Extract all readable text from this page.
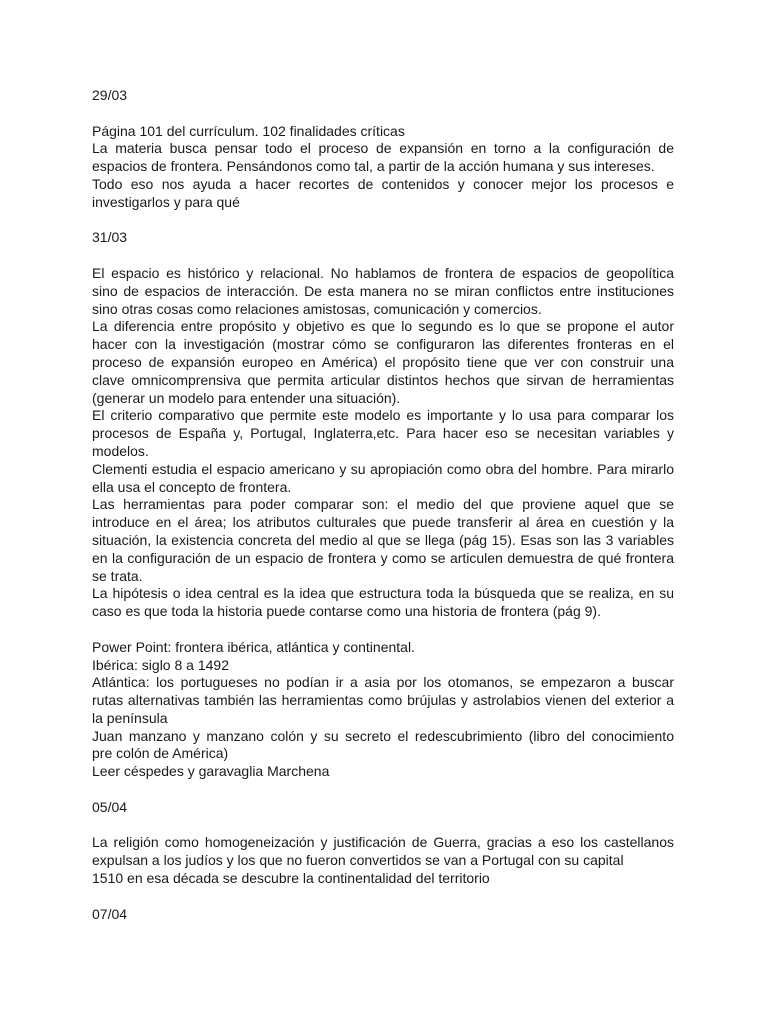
29/03
Página 101 del currículum. 102 finalidades críticas
La materia busca pensar todo el proceso de expansión en torno a la configuración de
espacios de frontera. Pensándonos como tal, a partir de la acción humana y sus intereses.
Todo eso nos ayuda a hacer recortes de contenidos y conocer mejor los procesos e
investigarlos y para qué
31/03
El espacio es histórico y relacional. No hablamos de frontera de espacios de geopolítica
sino de espacios de interacción. De esta manera no se miran conflictos entre instituciones
sino otras cosas como relaciones amistosas, comunicación y comercios.
La diferencia entre propósito y objetivo es que lo segundo es lo que se propone el autor
hacer con la investigación (mostrar cómo se configuraron las diferentes fronteras en el
proceso de expansión europeo en América) el propósito tiene que ver con construir una
clave omnicomprensiva que permita articular distintos hechos que sirvan de herramientas
(generar un modelo para entender una situación).
El criterio comparativo que permite este modelo es importante y lo usa para comparar los
procesos de España y, Portugal, Inglaterra,etc. Para hacer eso se necesitan variables y
modelos.
Clementi estudia el espacio americano y su apropiación como obra del hombre. Para mirarlo
ella usa el concepto de frontera.
Las herramientas para poder comparar son: el medio del que proviene aquel que se
introduce en el área; los atributos culturales que puede transferir al área en cuestión y la
situación, la existencia concreta del medio al que se llega (pág 15). Esas son las 3 variables
en la configuración de un espacio de frontera y como se articulen demuestra de qué frontera
se trata.
La hipótesis o idea central es la idea que estructura toda la búsqueda que se realiza, en su
caso es que toda la historia puede contarse como una historia de frontera (pág 9).
Power Point: frontera ibérica, atlántica y continental.
Ibérica: siglo 8 a 1492
Atlántica: los portugueses no podían ir a asia por los otomanos, se empezaron a buscar
rutas alternativas también las herramientas como brújulas y astrolabios vienen del exterior a
la península
Juan manzano y manzano colón y su secreto el redescubrimiento (libro del conocimiento
pre colón de América)
Leer céspedes y garavaglia Marchena
05/04
La religión como homogeneización y justificación de Guerra, gracias a eso los castellanos
expulsan a los judíos y los que no fueron convertidos se van a Portugal con su capital
1510 en esa década se descubre la continentalidad del territorio
07/04
